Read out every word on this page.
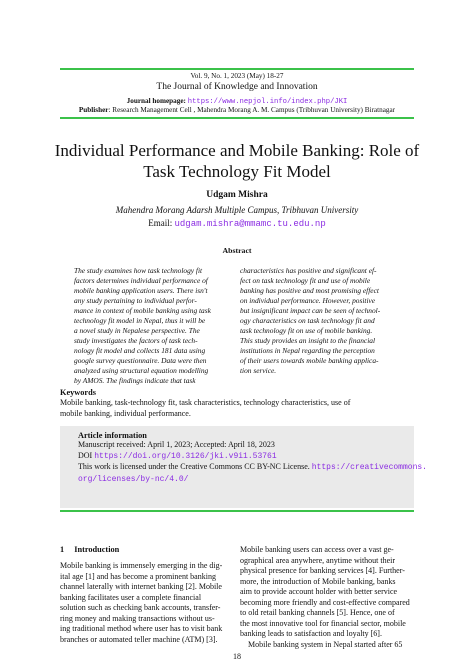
Vol. 9, No. 1, 2023 (May) 18-27
The Journal of Knowledge and Innovation
Journal homepage: https://www.nepjol.info/index.php/JKI
Publisher: Research Management Cell , Mahendra Morang A. M. Campus (Tribhuvan University) Biratnagar
Individual Performance and Mobile Banking: Role of
Task Technology Fit Model
Udgam Mishra
Mahendra Morang Adarsh Multiple Campus, Tribhuvan University
Email: udgam.mishra@mmamc.tu.edu.np
Abstract
The study examines how task technology fit
factors determines individual performance of
mobile banking application users. There isn't
any study pertaining to individual perfor-
mance in context of mobile banking using task
technology fit model in Nepal, thus it will be
a novel study in Nepalese perspective. The
study investigates the factors of task tech-
nology fit model and collects 181 data using
google survey questionnaire. Data were then
analyzed using structural equation modelling
by AMOS. The findings indicate that task
characteristics has positive and significant ef-
fect on task technology fit and use of mobile
banking has positive and most promising effect
on individual performance. However, positive
but insignificant impact can be seen of technol-
ogy characteristics on task technology fit and
task technology fit on use of mobile banking.
This study provides an insight to the financial
institutions in Nepal regarding the perception
of their users towards mobile banking applica-
tion service.
Keywords
Mobile banking, task-technology fit, task characteristics, technology characteristics, use of
mobile banking, individual performance.
Article information
Manuscript received: April 1, 2023; Accepted: April 18, 2023
DOI https://doi.org/10.3126/jki.v9i1.53761
This work is licensed under the Creative Commons CC BY-NC License. https://creativecommons.
org/licenses/by-nc/4.0/
1 Introduction
Mobile banking is immensely emerging in the dig-
ital age [1] and has become a prominent banking
channel laterally with internet banking [2]. Mobile
banking facilitates user a complete financial
solution such as checking bank accounts, transfer-
ring money and making transactions without us-
ing traditional method where user has to visit bank
branches or automated teller machine (ATM) [3].
Mobile banking users can access over a vast ge-
ographical area anywhere, anytime without their
physical presence for banking services [4]. Further-
more, the introduction of Mobile banking, banks
aim to provide account holder with better service
becoming more friendly and cost-effective compared
to old retail banking channels [5]. Hence, one of
the most innovative tool for financial sector, mobile
banking leads to satisfaction and loyalty [6].
Mobile banking system in Nepal started after 65
18
